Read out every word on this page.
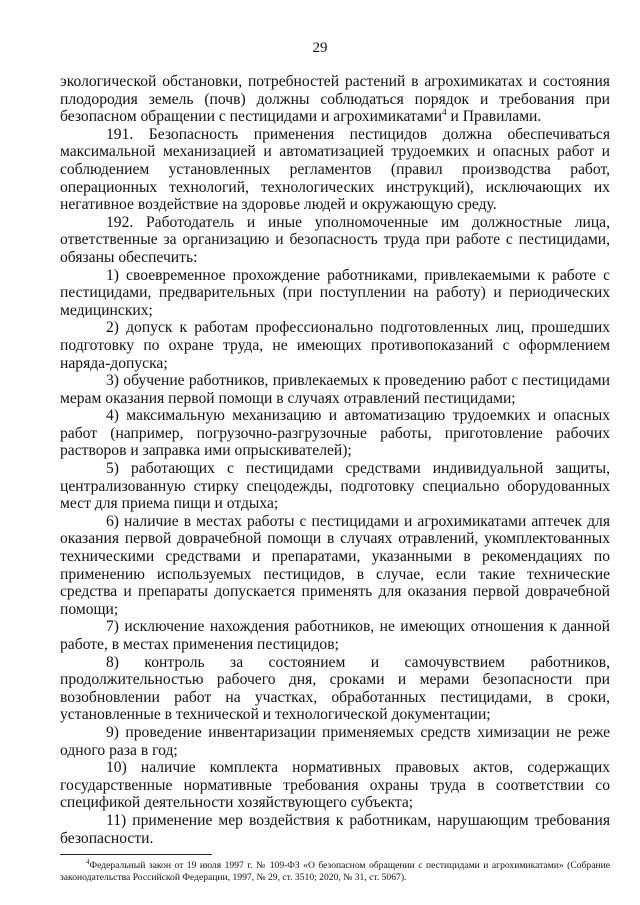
29

экологической обстановки, потребностей растений в агрохимикатах и состояния плодородия земель (почв) должны соблюдаться порядок и требования при безопасном обращении с пестицидами и агрохимикатами$^4$ и Правилами.

191. Безопасность применения пестицидов должна обеспечиваться максимальной механизацией и автоматизацией трудоемких и опасных работ и соблюдением установленных регламентов (правил производства работ, операционных технологий, технологических инструкций), исключающих их негативное воздействие на здоровье людей и окружающую среду.

192. Работодатель и иные уполномоченные им должностные лица, ответственные за организацию и безопасность труда при работе с пестицидами, обязаны обеспечить:

1) своевременное прохождение работниками, привлекаемыми к работе с пестицидами, предварительных (при поступлении на работу) и периодических медицинских;

2) допуск к работам профессионально подготовленных лиц, прошедших подготовку по охране труда, не имеющих противопоказаний с оформлением наряда-допуска;

3) обучение работников, привлекаемых к проведению работ с пестицидами мерам оказания первой помощи в случаях отравлений пестицидами;

4) максимальную механизацию и автоматизацию трудоемких и опасных работ (например, погрузочно-разгрузочные работы, приготовление рабочих растворов и заправка ими опрыскивателей);

5) работающих с пестицидами средствами индивидуальной защиты, централизованную стирку спецодежды, подготовку специально оборудованных мест для приема пищи и отдыха;

6) наличие в местах работы с пестицидами и агрохимикатами аптечек для оказания первой доврачебной помощи в случаях отравлений, укомплектованных техническими средствами и препаратами, указанными в рекомендациях по применению используемых пестицидов, в случае, если такие технические средства и препараты допускается применять для оказания первой доврачебной помощи;

7) исключение нахождения работников, не имеющих отношения к данной работе, в местах применения пестицидов;

8) контроль за состоянием и самочувствием работников, продолжительностью рабочего дня, сроками и мерами безопасности при возобновлении работ на участках, обработанных пестицидами, в сроки, установленные в технической и технологической документации;

9) проведение инвентаризации применяемых средств химизации не реже одного раза в год;

10) наличие комплекта нормативных правовых актов, содержащих государственные нормативные требования охраны труда в соответствии со спецификой деятельности хозяйствующего субъекта;

11) применение мер воздействия к работникам, нарушающим требования безопасности.

$^4$Федеральный закон от 19 июля 1997 г. № 109-ФЗ «О безопасном обращении с пестицидами и агрохимикатами» (Собрание законодательства Российской Федерации, 1997, № 29, ст. 3510; 2020, № 31, ст. 5067).
